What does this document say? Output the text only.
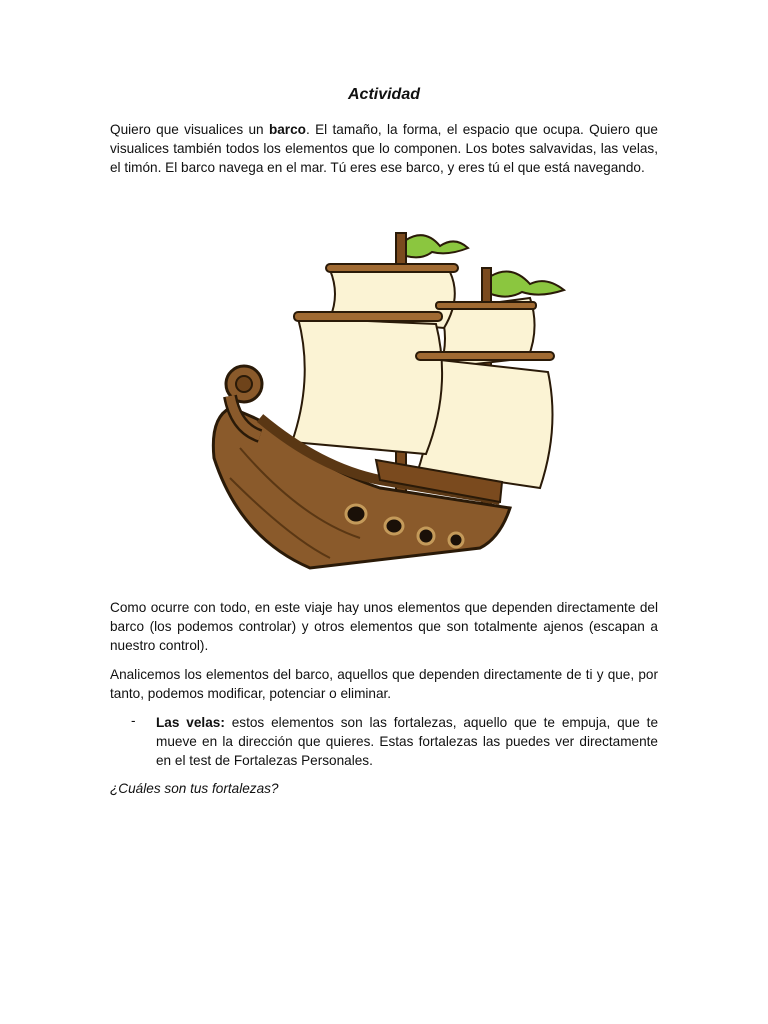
Actividad

Quiero que visualices un barco. El tamaño, la forma, el espacio que ocupa. Quiero que visualices también todos los elementos que lo componen. Los botes salvavidas, las velas, el timón. El barco navega en el mar. Tú eres ese barco, y eres tú el que está navegando.

Como ocurre con todo, en este viaje hay unos elementos que dependen directamente del barco (los podemos controlar) y otros elementos que son totalmente ajenos (escapan a nuestro control).

Analicemos los elementos del barco, aquellos que dependen directamente de ti y que, por tanto, podemos modificar, potenciar o eliminar.

- Las velas: estos elementos son las fortalezas, aquello que te empuja, que te mueve en la dirección que quieres. Estas fortalezas las puedes ver directamente en el test de Fortalezas Personales.

¿Cuáles son tus fortalezas?
